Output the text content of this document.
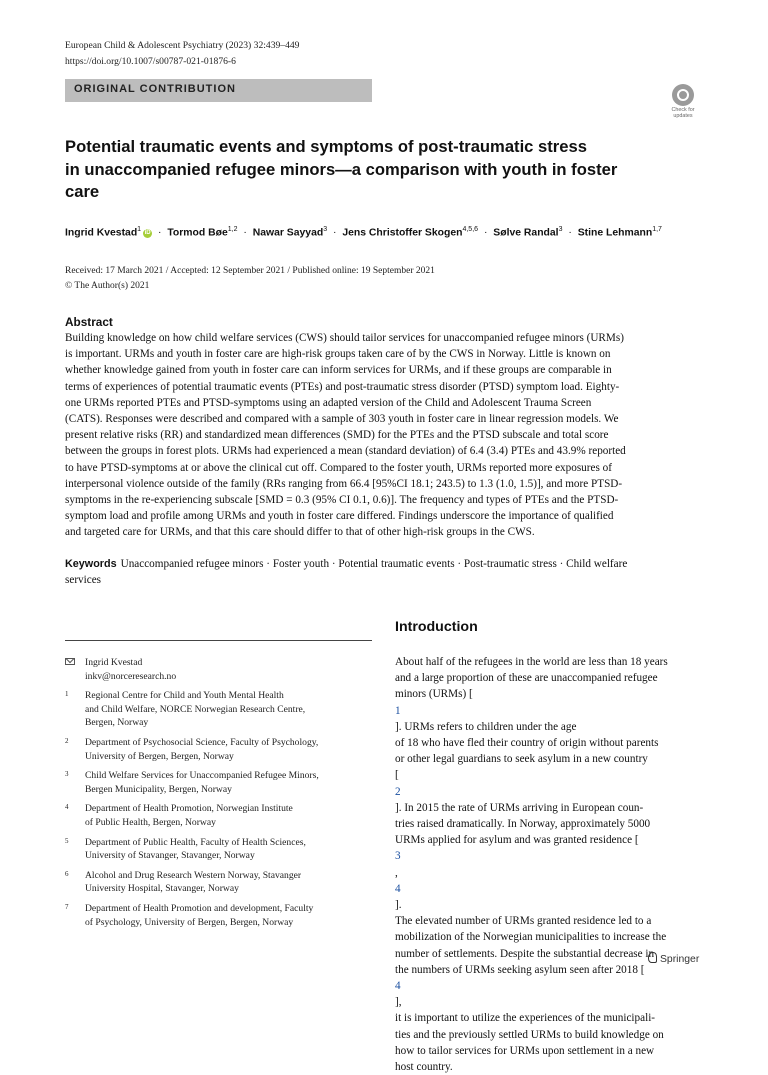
European Child & Adolescent Psychiatry (2023) 32:439–449
https://doi.org/10.1007/s00787-021-01876-6
ORIGINAL CONTRIBUTION
Check for
updates
Potential traumatic events and symptoms of post-traumatic stress
in unaccompanied refugee minors—a comparison with youth in foster
care
Ingrid Kvestad$^1$iD · Tormod Bøe$^{1,2}$ · Nawar Sayyad$^3$ · Jens Christoffer Skogen$^{4,5,6}$ · Sølve Randal$^3$ · Stine Lehmann$^{1,7}$
Received: 17 March 2021 / Accepted: 12 September 2021 / Published online: 19 September 2021
© The Author(s) 2021
Abstract
Building knowledge on how child welfare services (CWS) should tailor services for unaccompanied refugee minors (URMs)
is important. URMs and youth in foster care are high-risk groups taken care of by the CWS in Norway. Little is known on
whether knowledge gained from youth in foster care can inform services for URMs, and if these groups are comparable in
terms of experiences of potential traumatic events (PTEs) and post-traumatic stress disorder (PTSD) symptom load. Eighty-
one URMs reported PTEs and PTSD-symptoms using an adapted version of the Child and Adolescent Trauma Screen
(CATS). Responses were described and compared with a sample of 303 youth in foster care in linear regression models. We
present relative risks (RR) and standardized mean differences (SMD) for the PTEs and the PTSD subscale and total score
between the groups in forest plots. URMs had experienced a mean (standard deviation) of 6.4 (3.4) PTEs and 43.9% reported
to have PTSD-symptoms at or above the clinical cut off. Compared to the foster youth, URMs reported more exposures of
interpersonal violence outside of the family (RRs ranging from 66.4 [95%CI 18.1; 243.5) to 1.3 (1.0, 1.5)], and more PTSD-
symptoms in the re-experiencing subscale [SMD = 0.3 (95% CI 0.1, 0.6)]. The frequency and types of PTEs and the PTSD-
symptom load and profile among URMs and youth in foster care differed. Findings underscore the importance of qualified
and targeted care for URMs, and that this care should differ to that of other high-risk groups in the CWS.
Keywords Unaccompanied refugee minors · Foster youth · Potential traumatic events · Post-traumatic stress · Child welfare
services
Ingrid Kvestad
inkv@norceresearch.no
1 Regional Centre for Child and Youth Mental Health
and Child Welfare, NORCE Norwegian Research Centre,
Bergen, Norway
2 Department of Psychosocial Science, Faculty of Psychology,
University of Bergen, Bergen, Norway
3 Child Welfare Services for Unaccompanied Refugee Minors,
Bergen Municipality, Bergen, Norway
4 Department of Health Promotion, Norwegian Institute
of Public Health, Bergen, Norway
5 Department of Public Health, Faculty of Health Sciences,
University of Stavanger, Stavanger, Norway
6 Alcohol and Drug Research Western Norway, Stavanger
University Hospital, Stavanger, Norway
7 Department of Health Promotion and development, Faculty
of Psychology, University of Bergen, Bergen, Norway
Introduction
About half of the refugees in the world are less than 18 years
and a large proportion of these are unaccompanied refugee
minors (URMs) [
1
]. URMs refers to children under the age
of 18 who have fled their country of origin without parents
or other legal guardians to seek asylum in a new country
[
2
]. In 2015 the rate of URMs arriving in European coun-
tries raised dramatically. In Norway, approximately 5000
URMs applied for asylum and was granted residence [
3
,
4
].
The elevated number of URMs granted residence led to a
mobilization of the Norwegian municipalities to increase the
number of settlements. Despite the substantial decrease in
the numbers of URMs seeking asylum seen after 2018 [
4
],
it is important to utilize the experiences of the municipali-
ties and the previously settled URMs to build knowledge on
how to tailor services for URMs upon settlement in a new
host country.
Springer
